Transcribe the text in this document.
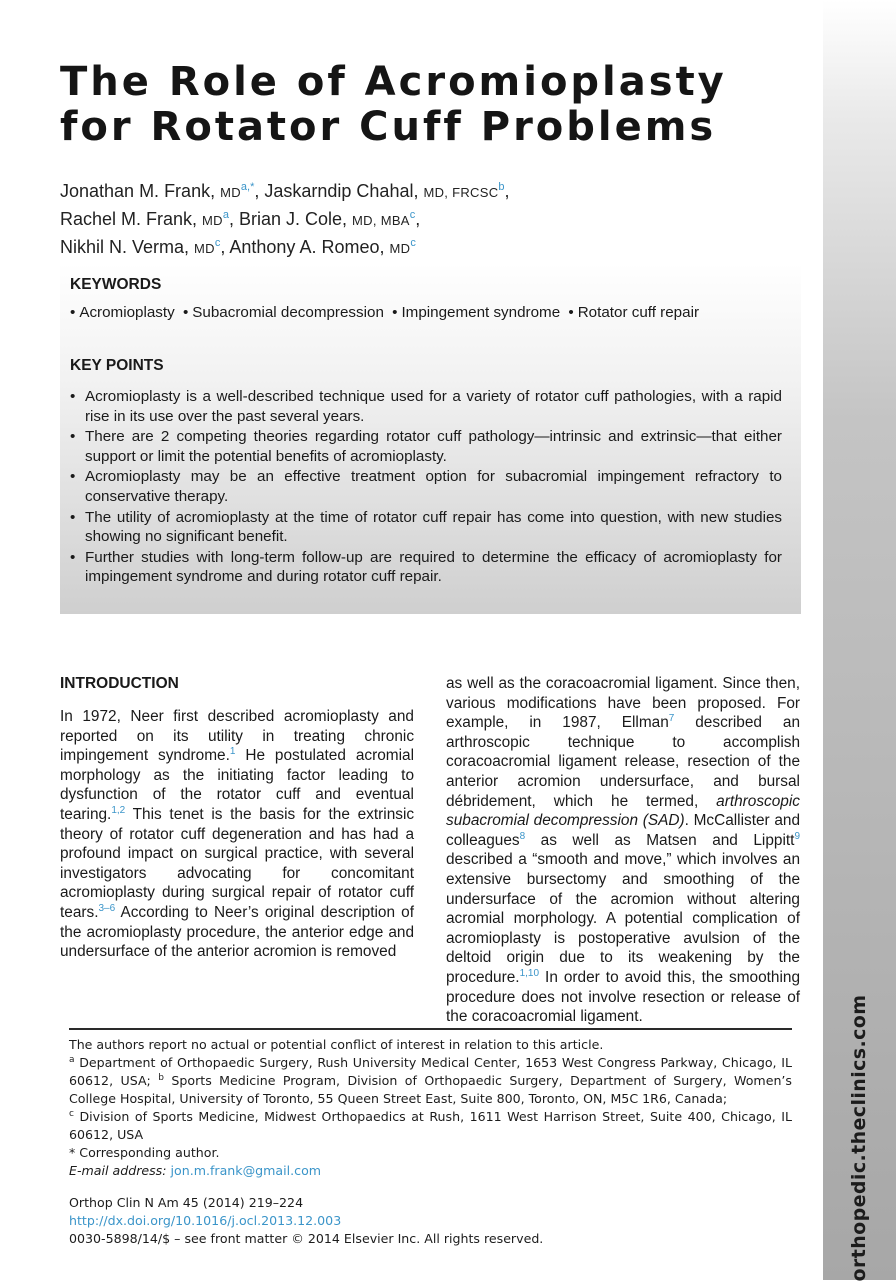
orthopedic.theclinics.com
The Role of Acromioplasty
for Rotator Cuff Problems
Jonathan M. Frank, $MD^{a,*}$, Jaskarndip Chahal, MD, FRCSC$^b$,
Rachel M. Frank, $MD^a$, Brian J. Cole, MD, MBA$^c$,
Nikhil N. Verma, $MD^c$, Anthony A. Romeo, $MD^c$
KEYWORDS
• Acromioplasty • Subacromial decompression • Impingement syndrome • Rotator cuff repair
KEY POINTS
• Acromioplasty is a well-described technique used for a variety of rotator cuff pathologies, with a rapid rise in its use over the past several years.
• There are 2 competing theories regarding rotator cuff pathology—intrinsic and extrinsic—that either support or limit the potential benefits of acromioplasty.
• Acromioplasty may be an effective treatment option for subacromial impingement refractory to conservative therapy.
• The utility of acromioplasty at the time of rotator cuff repair has come into question, with new studies showing no significant benefit.
• Further studies with long-term follow-up are required to determine the efficacy of acromioplasty for impingement syndrome and during rotator cuff repair.
INTRODUCTION

In 1972, Neer first described acromioplasty and reported on its utility in treating chronic impingement syndrome.$^1$ He postulated acromial morphology as the initiating factor leading to dysfunction of the rotator cuff and eventual tearing.$^{1,2}$ This tenet is the basis for the extrinsic theory of rotator cuff degeneration and has had a profound impact on surgical practice, with several investigators advocating for concomitant acromioplasty during surgical repair of rotator cuff tears.$^{3-6}$ According to Neer’s original description of the acromioplasty procedure, the anterior edge and undersurface of the anterior acromion is removed

The authors report no actual or potential conflict of interest in relation to this article.
$^a$ Department of Orthopaedic Surgery, Rush University Medical Center, 1653 West Congress Parkway, Chicago, IL 60612, USA; $^b$ Sports Medicine Program, Division of Orthopaedic Surgery, Department of Surgery, Women’s College Hospital, University of Toronto, 55 Queen Street East, Suite 800, Toronto, ON, M5C 1R6, Canada;
$^c$ Division of Sports Medicine, Midwest Orthopaedics at Rush, 1611 West Harrison Street, Suite 400, Chicago, IL 60612, USA
* Corresponding author.
E-mail address: jon.m.frank@gmail.com
Orthop Clin N Am 45 (2014) 219–224
http://dx.doi.org/10.1016/j.ocl.2013.12.003
0030-5898/14/$ – see front matter © 2014 Elsevier Inc. All rights reserved.

as well as the coracoacromial ligament. Since then, various modifications have been proposed. For example, in 1987, Ellman$^7$ described an arthroscopic technique to accomplish coracoacromial ligament release, resection of the anterior acromion undersurface, and bursal débridement, which he termed, arthroscopic subacromial decompression (SAD). McCallister and colleagues$^8$ as well as Matsen and Lippitt$^9$ described a “smooth and move,” which involves an extensive bursectomy and smoothing of the undersurface of the acromion without altering acromial morphology. A potential complication of acromioplasty is postoperative avulsion of the deltoid origin due to its weakening by the procedure.$^{1,10}$ In order to avoid this, the smoothing procedure does not involve resection or release of the coracoacromial ligament.
